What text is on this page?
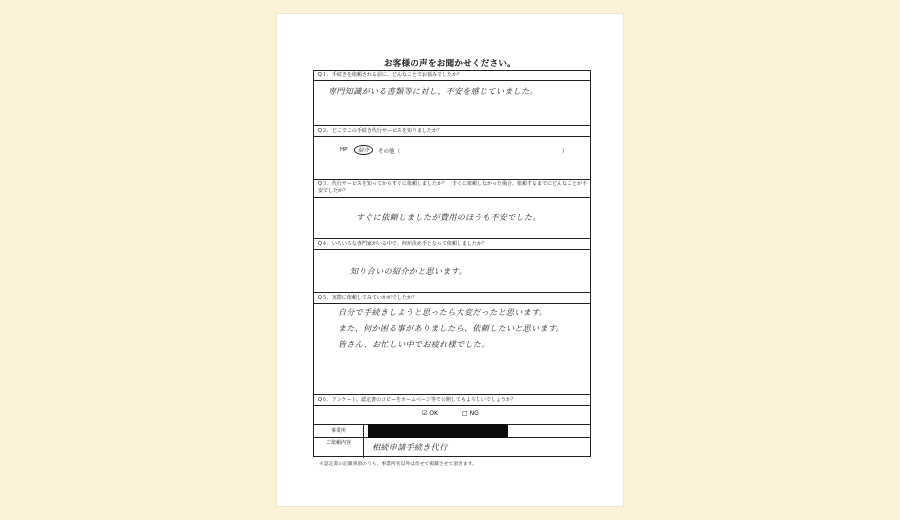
お客様の声をお聞かせください。
Q１．手続きを依頼される前に、どんなことでお悩みでしたか？
専門知識がいる書類等に対し、不安を感じていました。
Q２．どこでこの手続き代行サービスを知りましたか？
HP	紹介	その他（	）
Q３．代行サービスを知ってからすぐに依頼しましたか？　すぐに依頼しなかった場合、依頼するまでにどんなことが不安でしたか？
すぐに依頼しましたが費用のほうも不安でした。
Q４．いろいろな専門家がいる中で、何が決め手となって依頼しましたか？
知り合いの紹介かと思います。
Q５．実際に依頼してみていかがでしたか？
自分で手続きしようと思ったら大変だったと思います。
また、何か困る事がありましたら、依頼したいと思います。
皆さん、お忙しい中でお疲れ様でした。
Q６．アンケート、認定書のコピーをホームページ等で公開してもよろしいでしょうか？
☑ OK	□ NG
事業所
ご依頼内容	相続申請手続き代行
＊認定書の記載事項のうち、事業所名以外は伏せて掲載させて頂きます。
